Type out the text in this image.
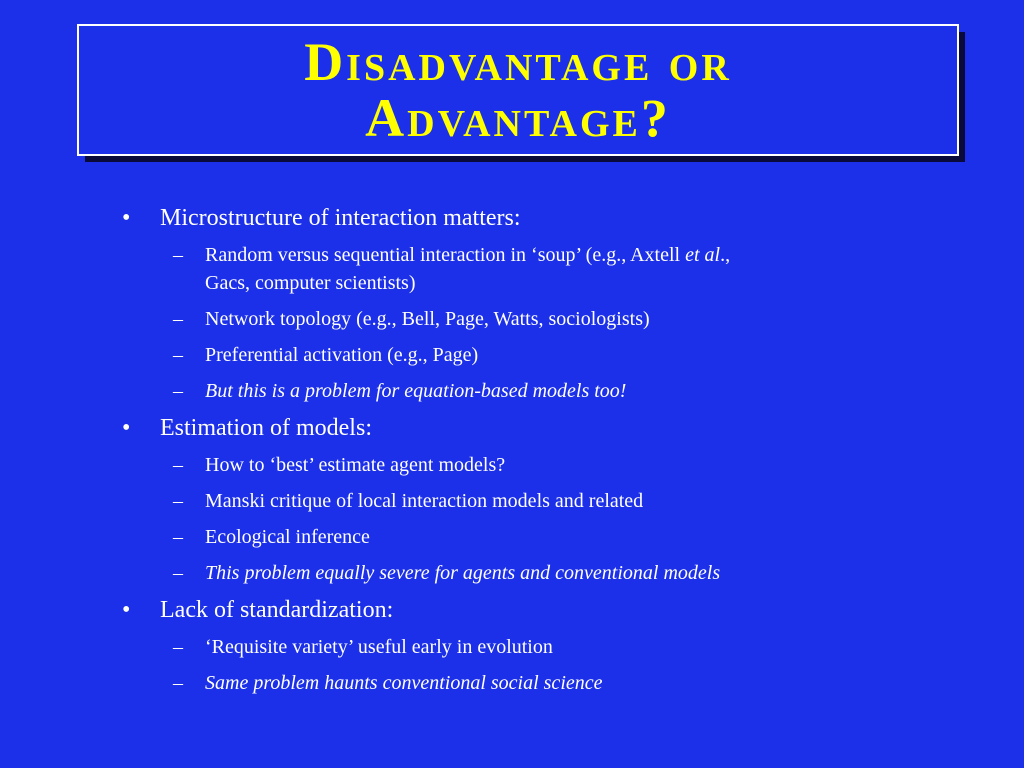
Disadvantage or
Advantage?
• Microstructure of interaction matters:
– Random versus sequential interaction in ‘soup’ (e.g., Axtell et al.,
Gacs, computer scientists)
– Network topology (e.g., Bell, Page, Watts, sociologists)
– Preferential activation (e.g., Page)
– But this is a problem for equation-based models too!
• Estimation of models:
– How to ‘best’ estimate agent models?
– Manski critique of local interaction models and related
– Ecological inference
– This problem equally severe for agents and conventional models
• Lack of standardization:
– ‘Requisite variety’ useful early in evolution
– Same problem haunts conventional social science
